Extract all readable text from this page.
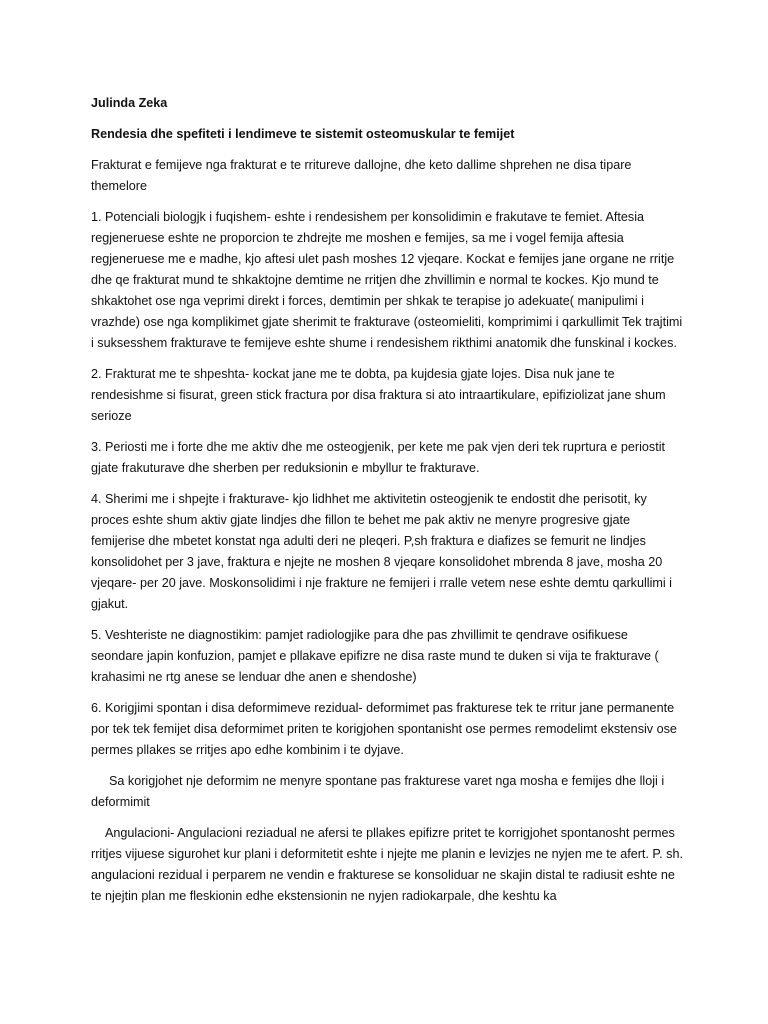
Julinda Zeka

Rendesia dhe spefiteti i lendimeve te sistemit osteomuskular te femijet

Frakturat e femijeve nga frakturat e te rritureve dallojne, dhe keto dallime shprehen ne disa tipare themelore

1. Potenciali biologjk i fuqishem- eshte i rendesishem per konsolidimin e frakutave te femiet. Aftesia regjeneruese eshte ne proporcion te zhdrejte me moshen e femijes, sa me i vogel femija aftesia regjeneruese me e madhe, kjo aftesi ulet pash moshes 12 vjeqare. Kockat e femijes jane organe ne rritje dhe qe frakturat mund te shkaktojne demtime ne rritjen dhe zhvillimin e normal te kockes. Kjo mund te shkaktohet ose nga veprimi direkt i forces, demtimin per shkak te terapise jo adekuate( manipulimi i vrazhde) ose nga komplikimet gjate sherimit te frakturave (osteomieliti, komprimimi i qarkullimit Tek trajtimi i suksesshem frakturave te femijeve eshte shume i rendesishem rikthimi anatomik dhe funskinal i kockes.

2. Frakturat me te shpeshta- kockat jane me te dobta, pa kujdesia gjate lojes. Disa nuk jane te rendesishme si fisurat, green stick fractura por disa fraktura si ato intraartikulare, epifiziolizat jane shum serioze

3. Periosti me i forte dhe me aktiv dhe me osteogjenik, per kete me pak vjen deri tek ruprtura e periostit gjate frakuturave dhe sherben per reduksionin e mbyllur te frakturave.

4. Sherimi me i shpejte i frakturave- kjo lidhhet me aktivitetin osteogjenik te endostit dhe perisotit, ky proces eshte shum aktiv gjate lindjes dhe fillon te behet me pak aktiv ne menyre progresive gjate femijerise dhe mbetet konstat nga adulti deri ne pleqeri. P,sh fraktura e diafizes se femurit ne lindjes konsolidohet per 3 jave, fraktura e njejte ne moshen 8 vjeqare konsolidohet mbrenda 8 jave, mosha 20 vjeqare- per 20 jave. Moskonsolidimi i nje frakture ne femijeri i rralle vetem nese eshte demtu qarkullimi i gjakut.

5. Veshteriste ne diagnostikim: pamjet radiologjike para dhe pas zhvillimit te qendrave osifikuese seondare japin konfuzion, pamjet e pllakave epifizre ne disa raste mund te duken si vija te frakturave ( krahasimi ne rtg anese se lenduar dhe anen e shendoshe)

6. Korigjimi spontan i disa deformimeve rezidual- deformimet pas frakturese tek te rritur jane permanente por tek tek femijet disa deformimet priten te korigjohen spontanisht ose permes remodelimt ekstensiv ose permes pllakes se rritjes apo edhe kombinim i te dyjave.

Sa korigjohet nje deformim ne menyre spontane pas frakturese varet nga mosha e femijes dhe lloji i deformimit

Angulacioni- Angulacioni reziadual ne afersi te pllakes epifizre pritet te korrigjohet spontanosht permes rritjes vijuese sigurohet kur plani i deformitetit eshte i njejte me planin e levizjes ne nyjen me te afert. P. sh. angulacioni rezidual i perparem ne vendin e frakturese se konsoliduar ne skajin distal te radiusit eshte ne te njejtin plan me fleskionin edhe ekstensionin ne nyjen radiokarpale, dhe keshtu ka
